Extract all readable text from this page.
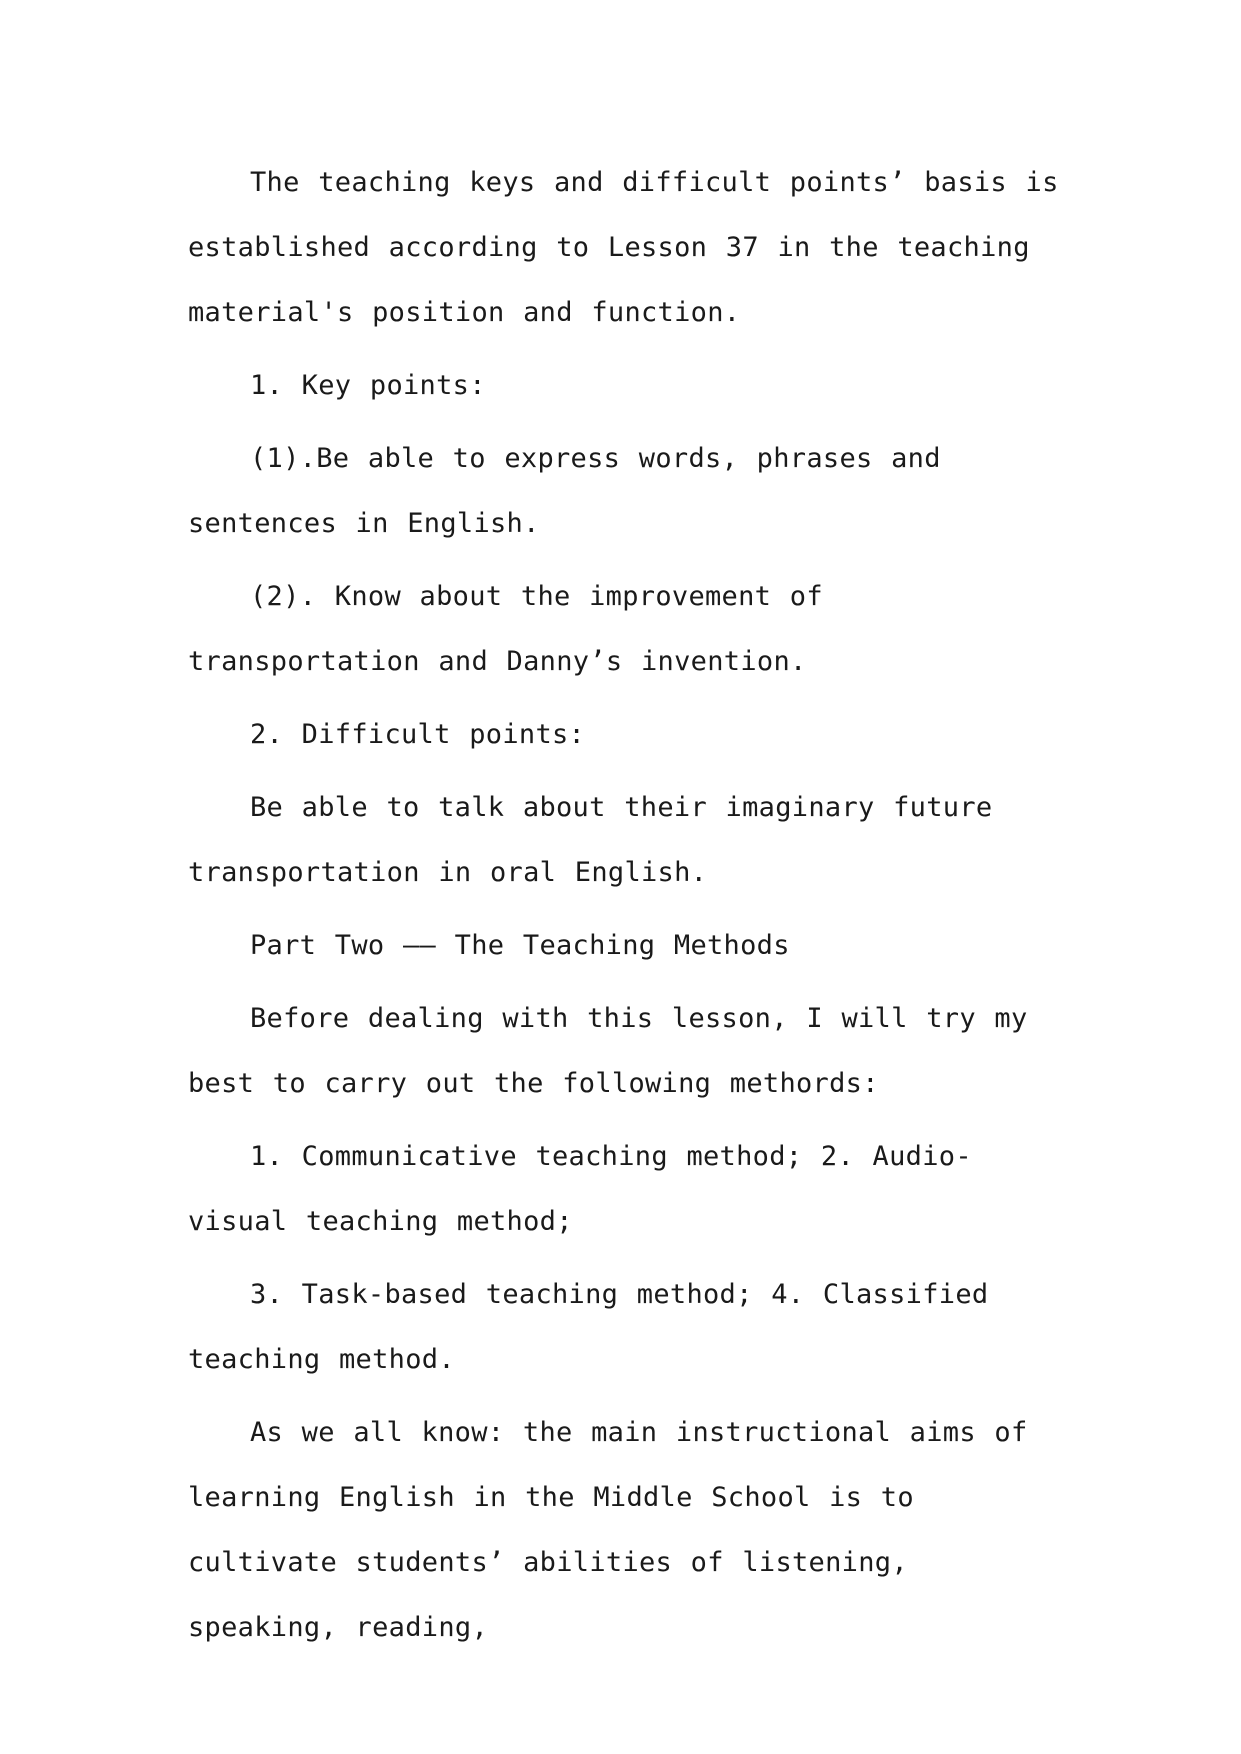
The teaching keys and difficult points’ basis is established according to Lesson 37 in the teaching material's position and function.

1. Key points:

(1).Be able to express words, phrases and sentences in English.

(2). Know about the improvement of transportation and Danny’s invention.

2. Difficult points:

Be able to talk about their imaginary future transportation in oral English.

Part Two —— The Teaching Methods

Before dealing with this lesson, I will try my best to carry out the following methords:

1. Communicative teaching method; 2. Audio-visual teaching method;

3. Task-based teaching method; 4. Classified teaching method.

As we all know: the main instructional aims of learning English in the Middle School is to cultivate students’ abilities of listening, speaking, reading,
